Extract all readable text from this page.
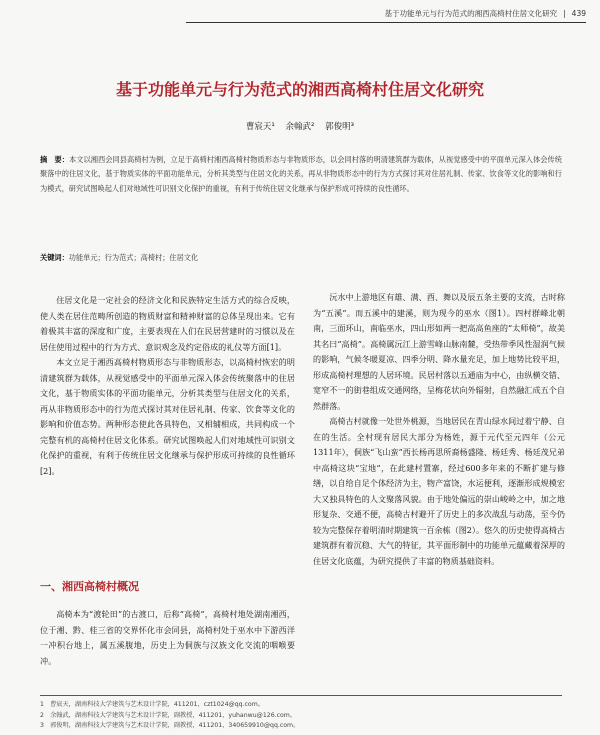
基于功能单元与行为范式的湘西高椅村住居文化研究 | 439
基于功能单元与行为范式的湘西高椅村住居文化研究
曹宸天¹ 余翰武² 郭俊明³
摘　要：本文以湘西会同县高椅村为例，立足于高椅村湘西高椅村物质形态与非物质形态，以会同村落的明清建筑群为载体，从视觉感受中的平面单元深入体会传统聚落中的住居文化，基于物质实体的平面功能单元，分析其类型与住居文化的关系，再从非物质形态中的行为方式探讨其对住居礼制、传家、饮食等文化的影响和行为模式，研究试图唤起人们对地域性可识别文化保护的重视，有利于传统住居文化继承与保护形成可持续的良性循环。
关键词：功能单元；行为范式；高椅村；住居文化

住居文化是一定社会的经济文化和民族特定生活方式的综合反映，使人类在居住范畴所创造的物质财富和精神财富的总体呈现出来。它有着极其丰富的深度和广度，主要表现在人们在民居营建时的习惯以及在居住使用过程中的行为方式、意识观念及约定俗成的礼仪等方面[1]。

本文立足于湘西高椅村物质形态与非物质形态，以高椅村恢宏的明清建筑群为载体，从视觉感受中的平面单元深入体会传统聚落中的住居文化，基于物质实体的平面功能单元，分析其类型与住居文化的关系，再从非物质形态中的行为范式探讨其对住居礼制、传家、饮食等文化的影响和价值态势。两种形态使此各具特色，又相辅相成，共同构成一个完整有机的高椅村住居文化体系。研究试图唤起人们对地域性可识别文化保护的重视，有利于传统住居文化继承与保护形成可持续的良性循环[2]。

一、湘西高椅村概况

高椅本为“渡轮田”的古渡口，后称“高椅”，高椅村地处湖南湘西，位于湘、黔、桂三省的交界怀化市会同县，高椅村处于巫水中下游西洋一冲积台地上，属五溪腹地，历史上为侗族与汉族文化交流的咽喉要冲。

沅水中上游地区有雄、满、酉、舞以及辰五条主要的支流，古时称为“五溪”。而五溪中的建溪，则为现今的巫水（图1）。四村群峰北朝南，三面环山，南临巫水，四山形如两一把高高鱼座的“太师椅”，故美其名曰“高椅”。高椅属沅江上游雪峰山脉南麓，受热带季风性湿润气候的影响，气候冬暖夏凉、四季分明、降水量充足，加上地势比较平坦，形成高椅村理想的人居环境。民居村落以五通庙为中心，由纵横交错、宽窄不一的街巷组成交通网络，呈梅花状向外辐射，自然融汇成五个自然群落。

高椅古村就像一处世外桃源，当地居民在青山绿水间过着宁静、自在的生活。全村现有居民大部分为杨姓，源于元代至元四年（公元1311年），侗族“飞山蛮”西长杨再思所裔杨盛隆、杨廷秀、杨廷茂兄弟中高椅这块“宝地”，在此建村置寨，经过600多年来的不断扩建与修缮，以自给自足个体经济为主，物产富饶，水运便利，逐渐形成规模宏大又独具特色的人文聚落风貌。由于地处偏远的崇山峻岭之中，加之地形复杂、交通不便，高椅古村避开了历史上的多次战乱与动荡，至今仍较为完整保存着明清时期建筑一百余栋（图2）。悠久的历史使得高椅古建筑群有着沉稳、大气的特征，其平面形制中的功能单元蕴藏着深厚的住居文化底蕴，为研究提供了丰富的物质基础资料。

1　曹宸天，湖南科技大学建筑与艺术设计学院，411201，czt1024@qq.com。
2　余翰武，湖南科技大学建筑与艺术设计学院，副教授，411201，yuhanwu@126.com。
3　郭俊明，湖南科技大学建筑与艺术设计学院，副教授，411201，340659910@qq.com。
